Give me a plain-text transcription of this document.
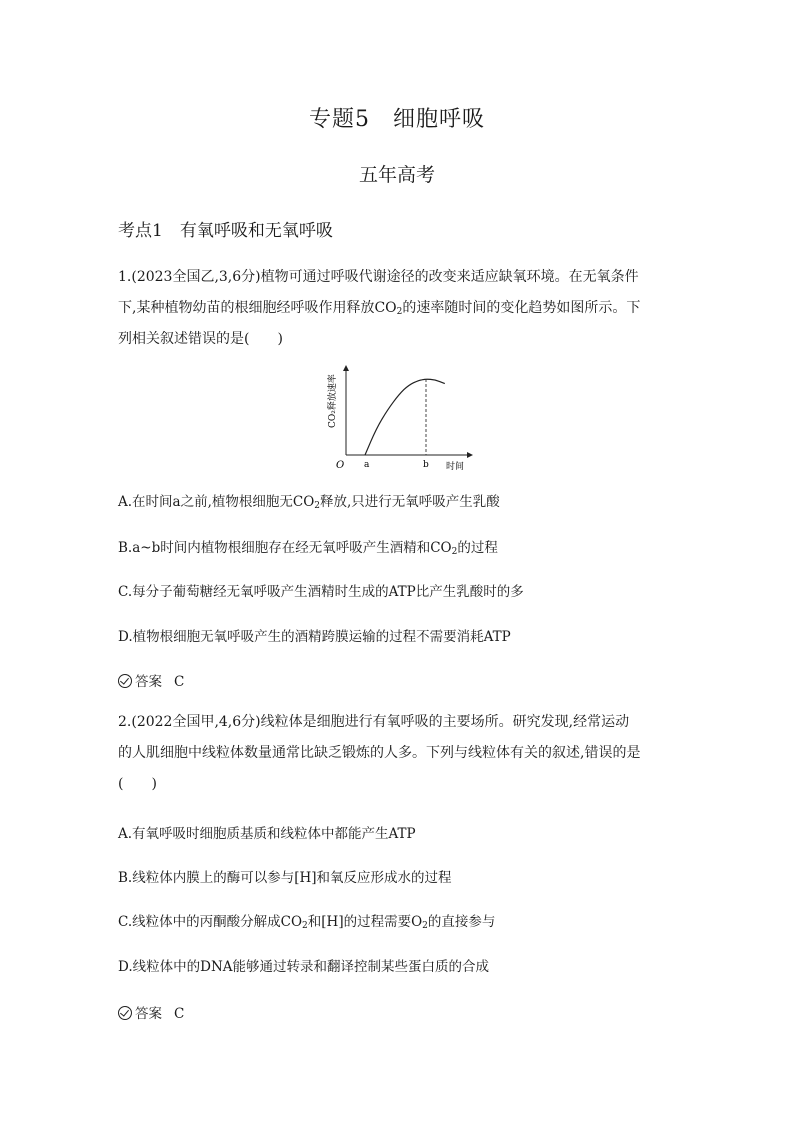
专题5　细胞呼吸
五年高考
考点1　有氧呼吸和无氧呼吸
1.(2023全国乙,3,6分)植物可通过呼吸代谢途径的改变来适应缺氧环境。在无氧条件
下,某种植物幼苗的根细胞经呼吸作用释放$CO_2$的速率随时间的变化趋势如图所示。下
列相关叙述错误的是(　　)
O a	b 时间
CO₂释放速率
A.在时间a之前,植物根细胞无$CO_2$释放,只进行无氧呼吸产生乳酸
B.a~b时间内植物根细胞存在经无氧呼吸产生酒精和$CO_2$的过程
C.每分子葡萄糖经无氧呼吸产生酒精时生成的ATP比产生乳酸时的多
D.植物根细胞无氧呼吸产生的酒精跨膜运输的过程不需要消耗ATP
答案 C
2.(2022全国甲,4,6分)线粒体是细胞进行有氧呼吸的主要场所。研究发现,经常运动
的人肌细胞中线粒体数量通常比缺乏锻炼的人多。下列与线粒体有关的叙述,错误的是
(　　)
A.有氧呼吸时细胞质基质和线粒体中都能产生ATP
B.线粒体内膜上的酶可以参与[H]和氧反应形成水的过程
C.线粒体中的丙酮酸分解成$CO_2$和[H]的过程需要$O_2$的直接参与
D.线粒体中的DNA能够通过转录和翻译控制某些蛋白质的合成
答案 C
